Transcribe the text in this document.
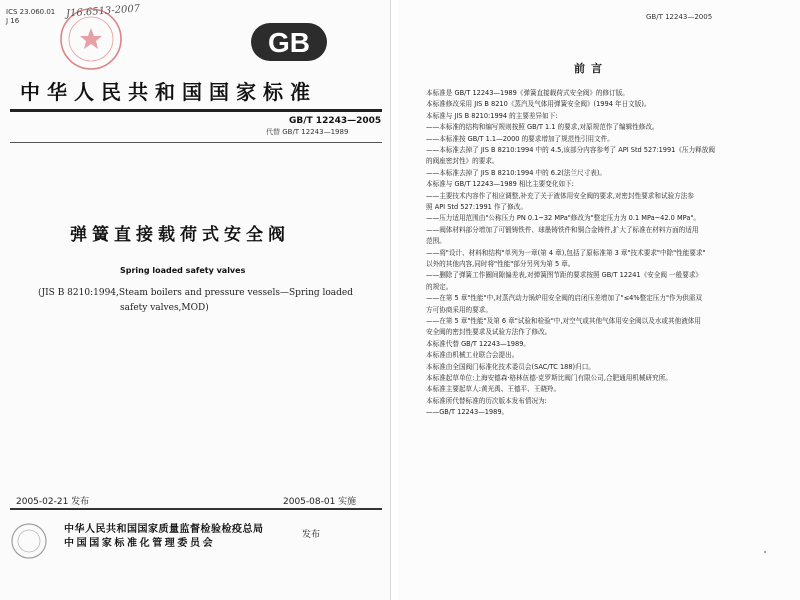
ICS 23.060.01
J 16
J16.6513-2007
GB
中华人民共和国国家标准
GB/T 12243—2005
代替 GB/T 12243—1989
弹簧直接载荷式安全阀
Spring loaded safety valves
(JIS B 8210:1994,Steam boilers and pressure vessels—Spring loaded
safety valves,MOD)
2005-02-21 发布	2005-08-01 实施
中华人民共和国国家质量监督检验检疫总局
中国国家标准化管理委员会
发布
GB/T 12243—2005
前言
本标准是 GB/T 12243—1989《弹簧直接载荷式安全阀》的修订版。
本标准修改采用 JIS B 8210《蒸汽及气体用弹簧安全阀》(1994 年日文版)。
本标准与 JIS B 8210:1994 的主要差异如下:
——本标准的结构和编写规则按照 GB/T 1.1 的要求,对原规范作了编辑性修改。
——本标准按 GB/T 1.1—2000 的要求增加了规范性引用文件。
——本标准去掉了 JIS B 8210:1994 中的 4.5,该部分内容参考了 API Std 527:1991《压力释放阀
的阀座密封性》的要求。
——本标准去掉了 JIS B 8210:1994 中的 6.2(法兰尺寸表)。
本标准与 GB/T 12243—1989 相比主要变化如下:
——主要技术内容作了相应调整,补充了关于液体用安全阀的要求,对密封性要求和试验方法参
照 API Std 527:1991 作了修改。
——压力适用范围由"公称压力 PN 0.1~32 MPa"修改为"整定压力为 0.1 MPa~42.0 MPa"。
——阀体材料部分增加了可锻铸铁件、球墨铸铁件和铜合金铸件,扩大了标准在材料方面的适用
范围。
——将"设计、材料和结构"单列为一章(第 4 章),包括了原标准第 3 章"技术要求"中除"性能要求"
以外的其他内容,同时将"性能"部分另列为第 5 章。
——删除了弹簧工作圈间隙偏差表,对弹簧图节距的要求按照 GB/T 12241《安全阀 一般要求》
的规定。
——在第 5 章"性能"中,对蒸汽动力锅炉用安全阀的启闭压差增加了"≤4%整定压力"作为供需双
方可协商采用的要求。
——在第 5 章"性能"及第 6 章"试验和检验"中,对空气或其他气体用安全阀以及水或其他液体用
安全阀的密封性要求及试验方法作了修改。
本标准代替 GB/T 12243—1989。
本标准由机械工业联合会提出。
本标准由全国阀门标准化技术委员会(SAC/TC 188)归口。
本标准起草单位:上海安德森·格林伍德·克罗斯比阀门有限公司,合肥通用机械研究所。
本标准主要起草人:黄光禹、王德平、王晓羚。
本标准所代替标准的历次版本发布情况为:
——GB/T 12243—1989。
